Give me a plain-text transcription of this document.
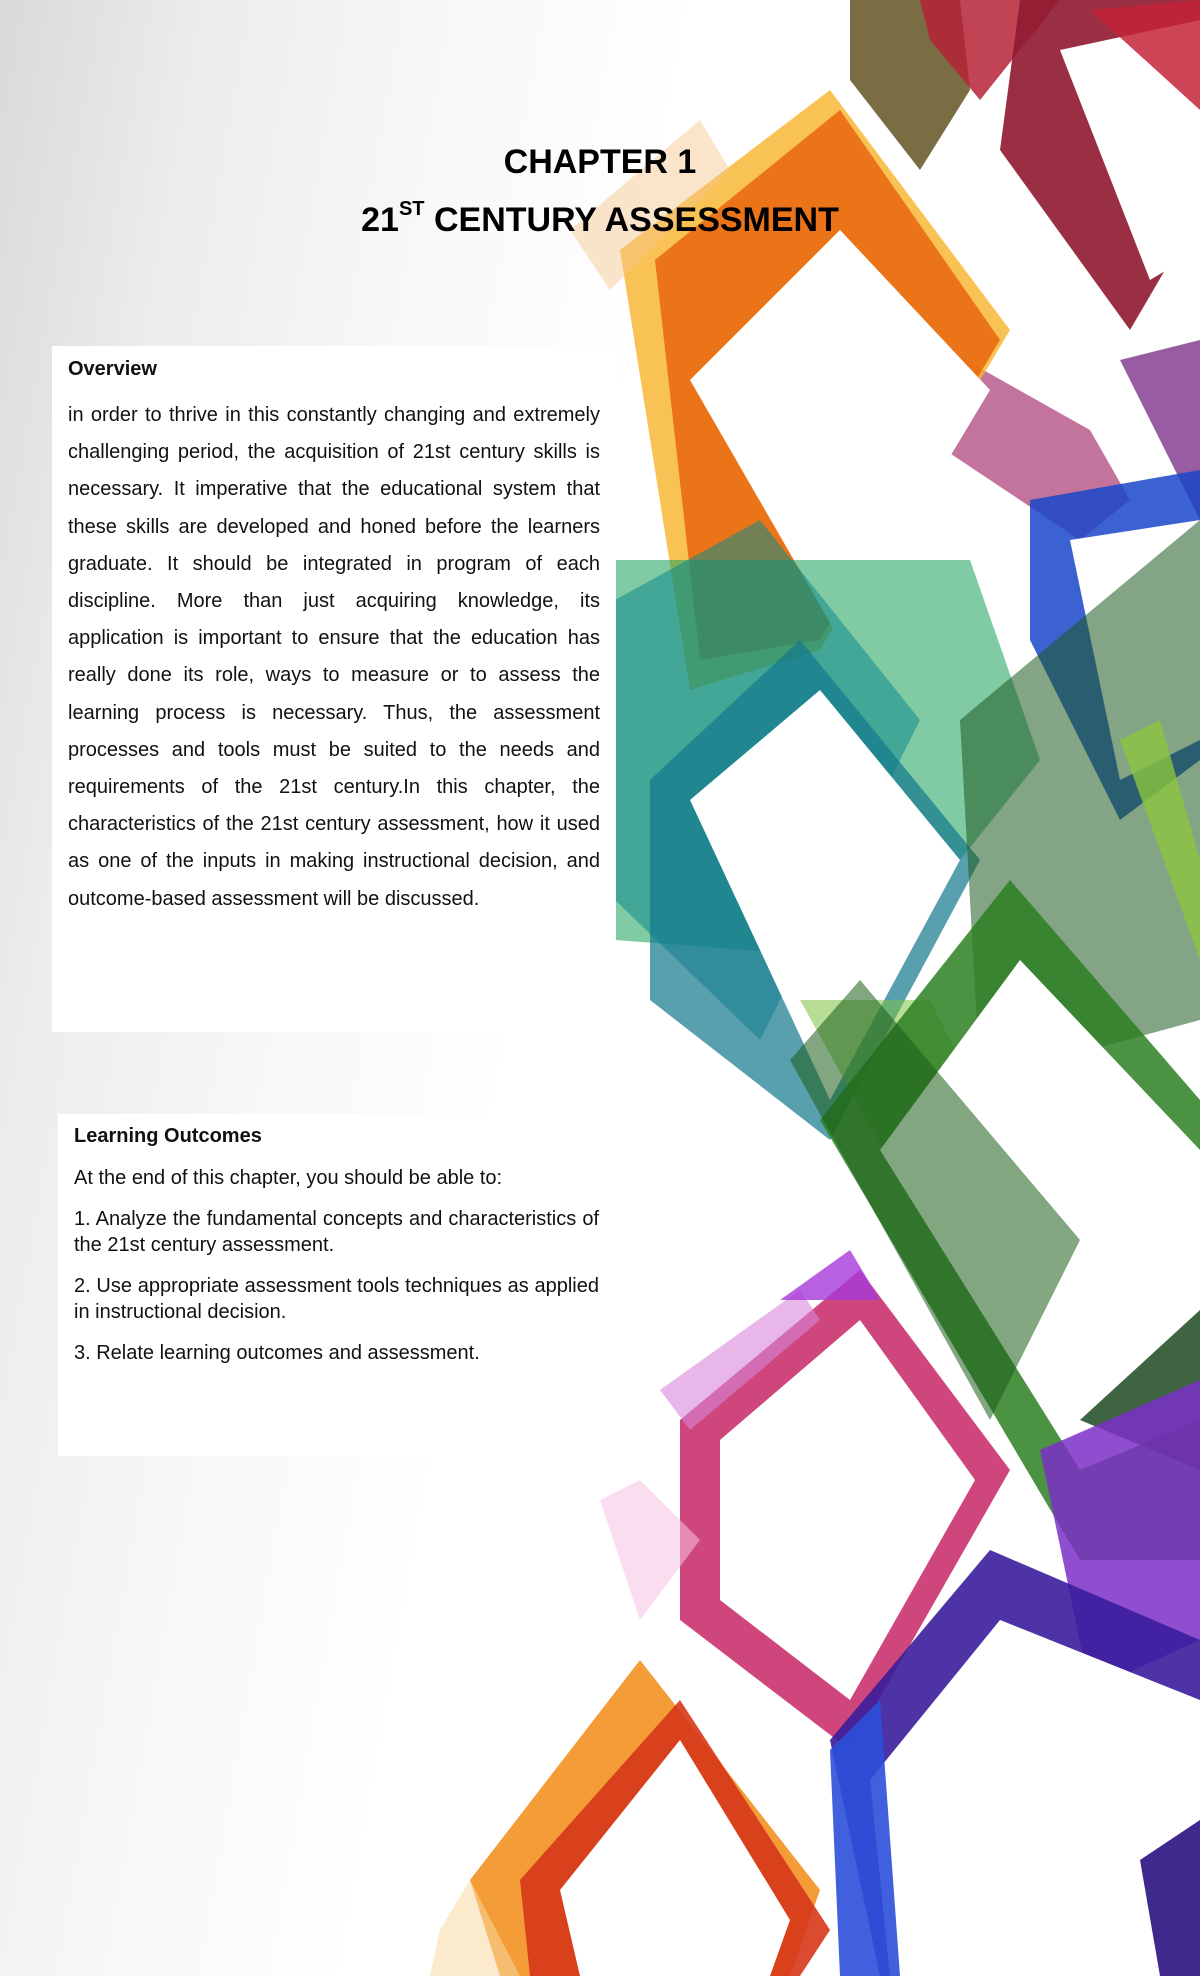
CHAPTER 1
21ST CENTURY ASSESSMENT
Overview

in order to thrive in this constantly changing and extremely challenging period, the acquisition of 21st century skills is necessary. It imperative that the educational system that these skills are developed and honed before the learners graduate. It should be integrated in program of each discipline. More than just acquiring knowledge, its application is important to ensure that the education has really done its role, ways to measure or to assess the learning process is necessary. Thus, the assessment processes and tools must be suited to the needs and requirements of the 21st century.In this chapter, the characteristics of the 21st century assessment, how it used as one of the inputs in making instructional decision, and outcome-based assessment will be discussed.

Learning Outcomes

At the end of this chapter, you should be able to:

1. Analyze the fundamental concepts and characteristics of the 21st century assessment.

2. Use appropriate assessment tools techniques as applied in instructional decision.

3. Relate learning outcomes and assessment.
